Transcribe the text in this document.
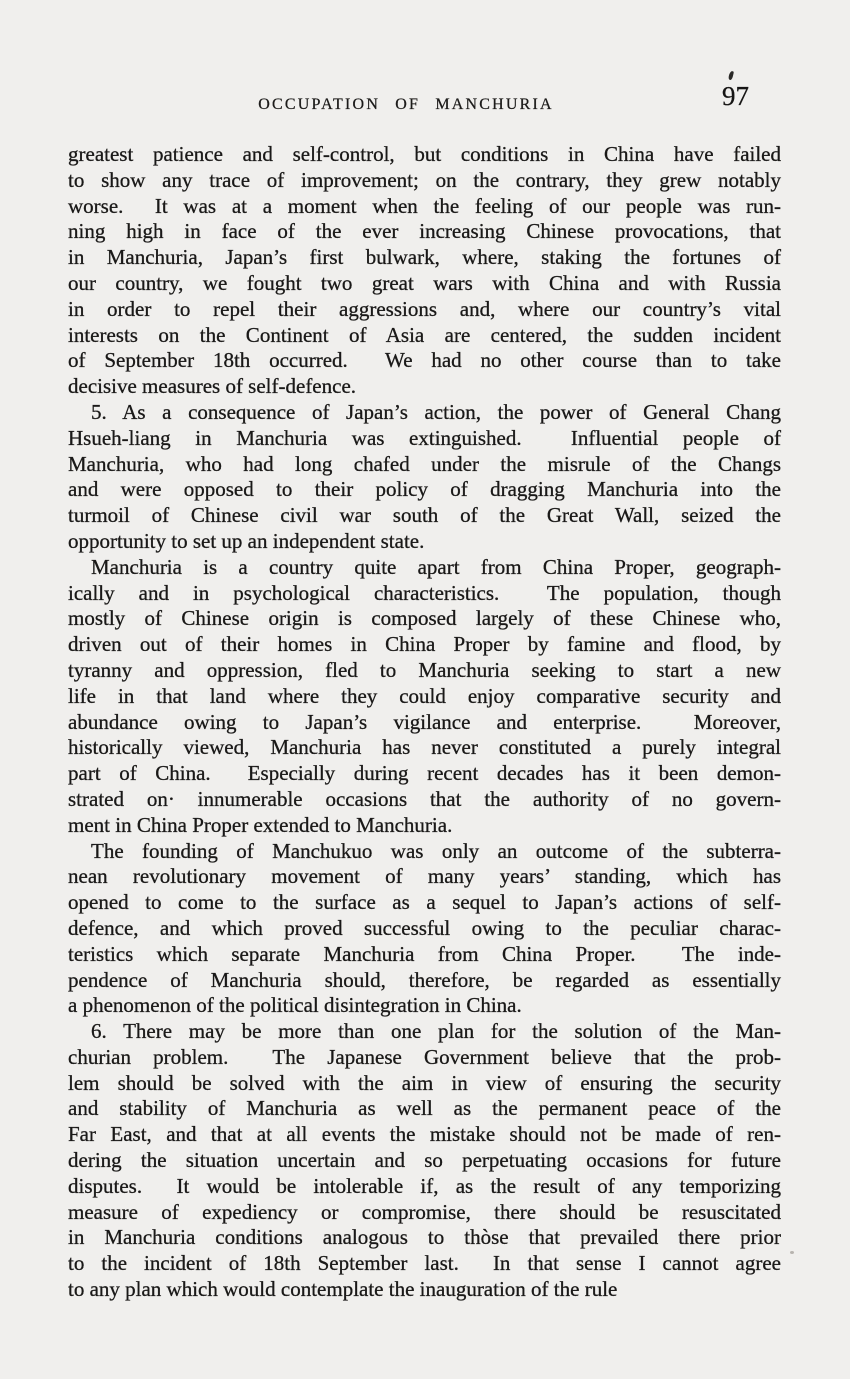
OCCUPATION OF MANCHURIA	97
greatest patience and self-control, but conditions in China have failed
to show any trace of improvement; on the contrary, they grew notably
worse.  It was at a moment when the feeling of our people was run-
ning high in face of the ever increasing Chinese provocations, that
in Manchuria, Japan’s first bulwark, where, staking the fortunes of
our country, we fought two great wars with China and with Russia
in order to repel their aggressions and, where our country’s vital
interests on the Continent of Asia are centered, the sudden incident
of September 18th occurred.  We had no other course than to take
decisive measures of self-defence.
5. As a consequence of Japan’s action, the power of General Chang
Hsueh-liang in Manchuria was extinguished.  Influential people of
Manchuria, who had long chafed under the misrule of the Changs
and were opposed to their policy of dragging Manchuria into the
turmoil of Chinese civil war south of the Great Wall, seized the
opportunity to set up an independent state.
Manchuria is a country quite apart from China Proper, geograph-
ically and in psychological characteristics.  The population, though
mostly of Chinese origin is composed largely of these Chinese who,
driven out of their homes in China Proper by famine and flood, by
tyranny and oppression, fled to Manchuria seeking to start a new
life in that land where they could enjoy comparative security and
abundance owing to Japan’s vigilance and enterprise.  Moreover,
historically viewed, Manchuria has never constituted a purely integral
part of China.  Especially during recent decades has it been demon-
strated on· innumerable occasions that the authority of no govern-
ment in China Proper extended to Manchuria.
The founding of Manchukuo was only an outcome of the subterra-
nean revolutionary movement of many years’ standing, which has
opened to come to the surface as a sequel to Japan’s actions of self-
defence, and which proved successful owing to the peculiar charac-
teristics which separate Manchuria from China Proper.  The inde-
pendence of Manchuria should, therefore, be regarded as essentially
a phenomenon of the political disintegration in China.
6. There may be more than one plan for the solution of the Man-
churian problem.  The Japanese Government believe that the prob-
lem should be solved with the aim in view of ensuring the security
and stability of Manchuria as well as the permanent peace of the
Far East, and that at all events the mistake should not be made of ren-
dering the situation uncertain and so perpetuating occasions for future
disputes.  It would be intolerable if, as the result of any temporizing
measure of expediency or compromise, there should be resuscitated
in Manchuria conditions analogous to thòse that prevailed there prior
to the incident of 18th September last.  In that sense I cannot agree
to any plan which would contemplate the inauguration of the rule
